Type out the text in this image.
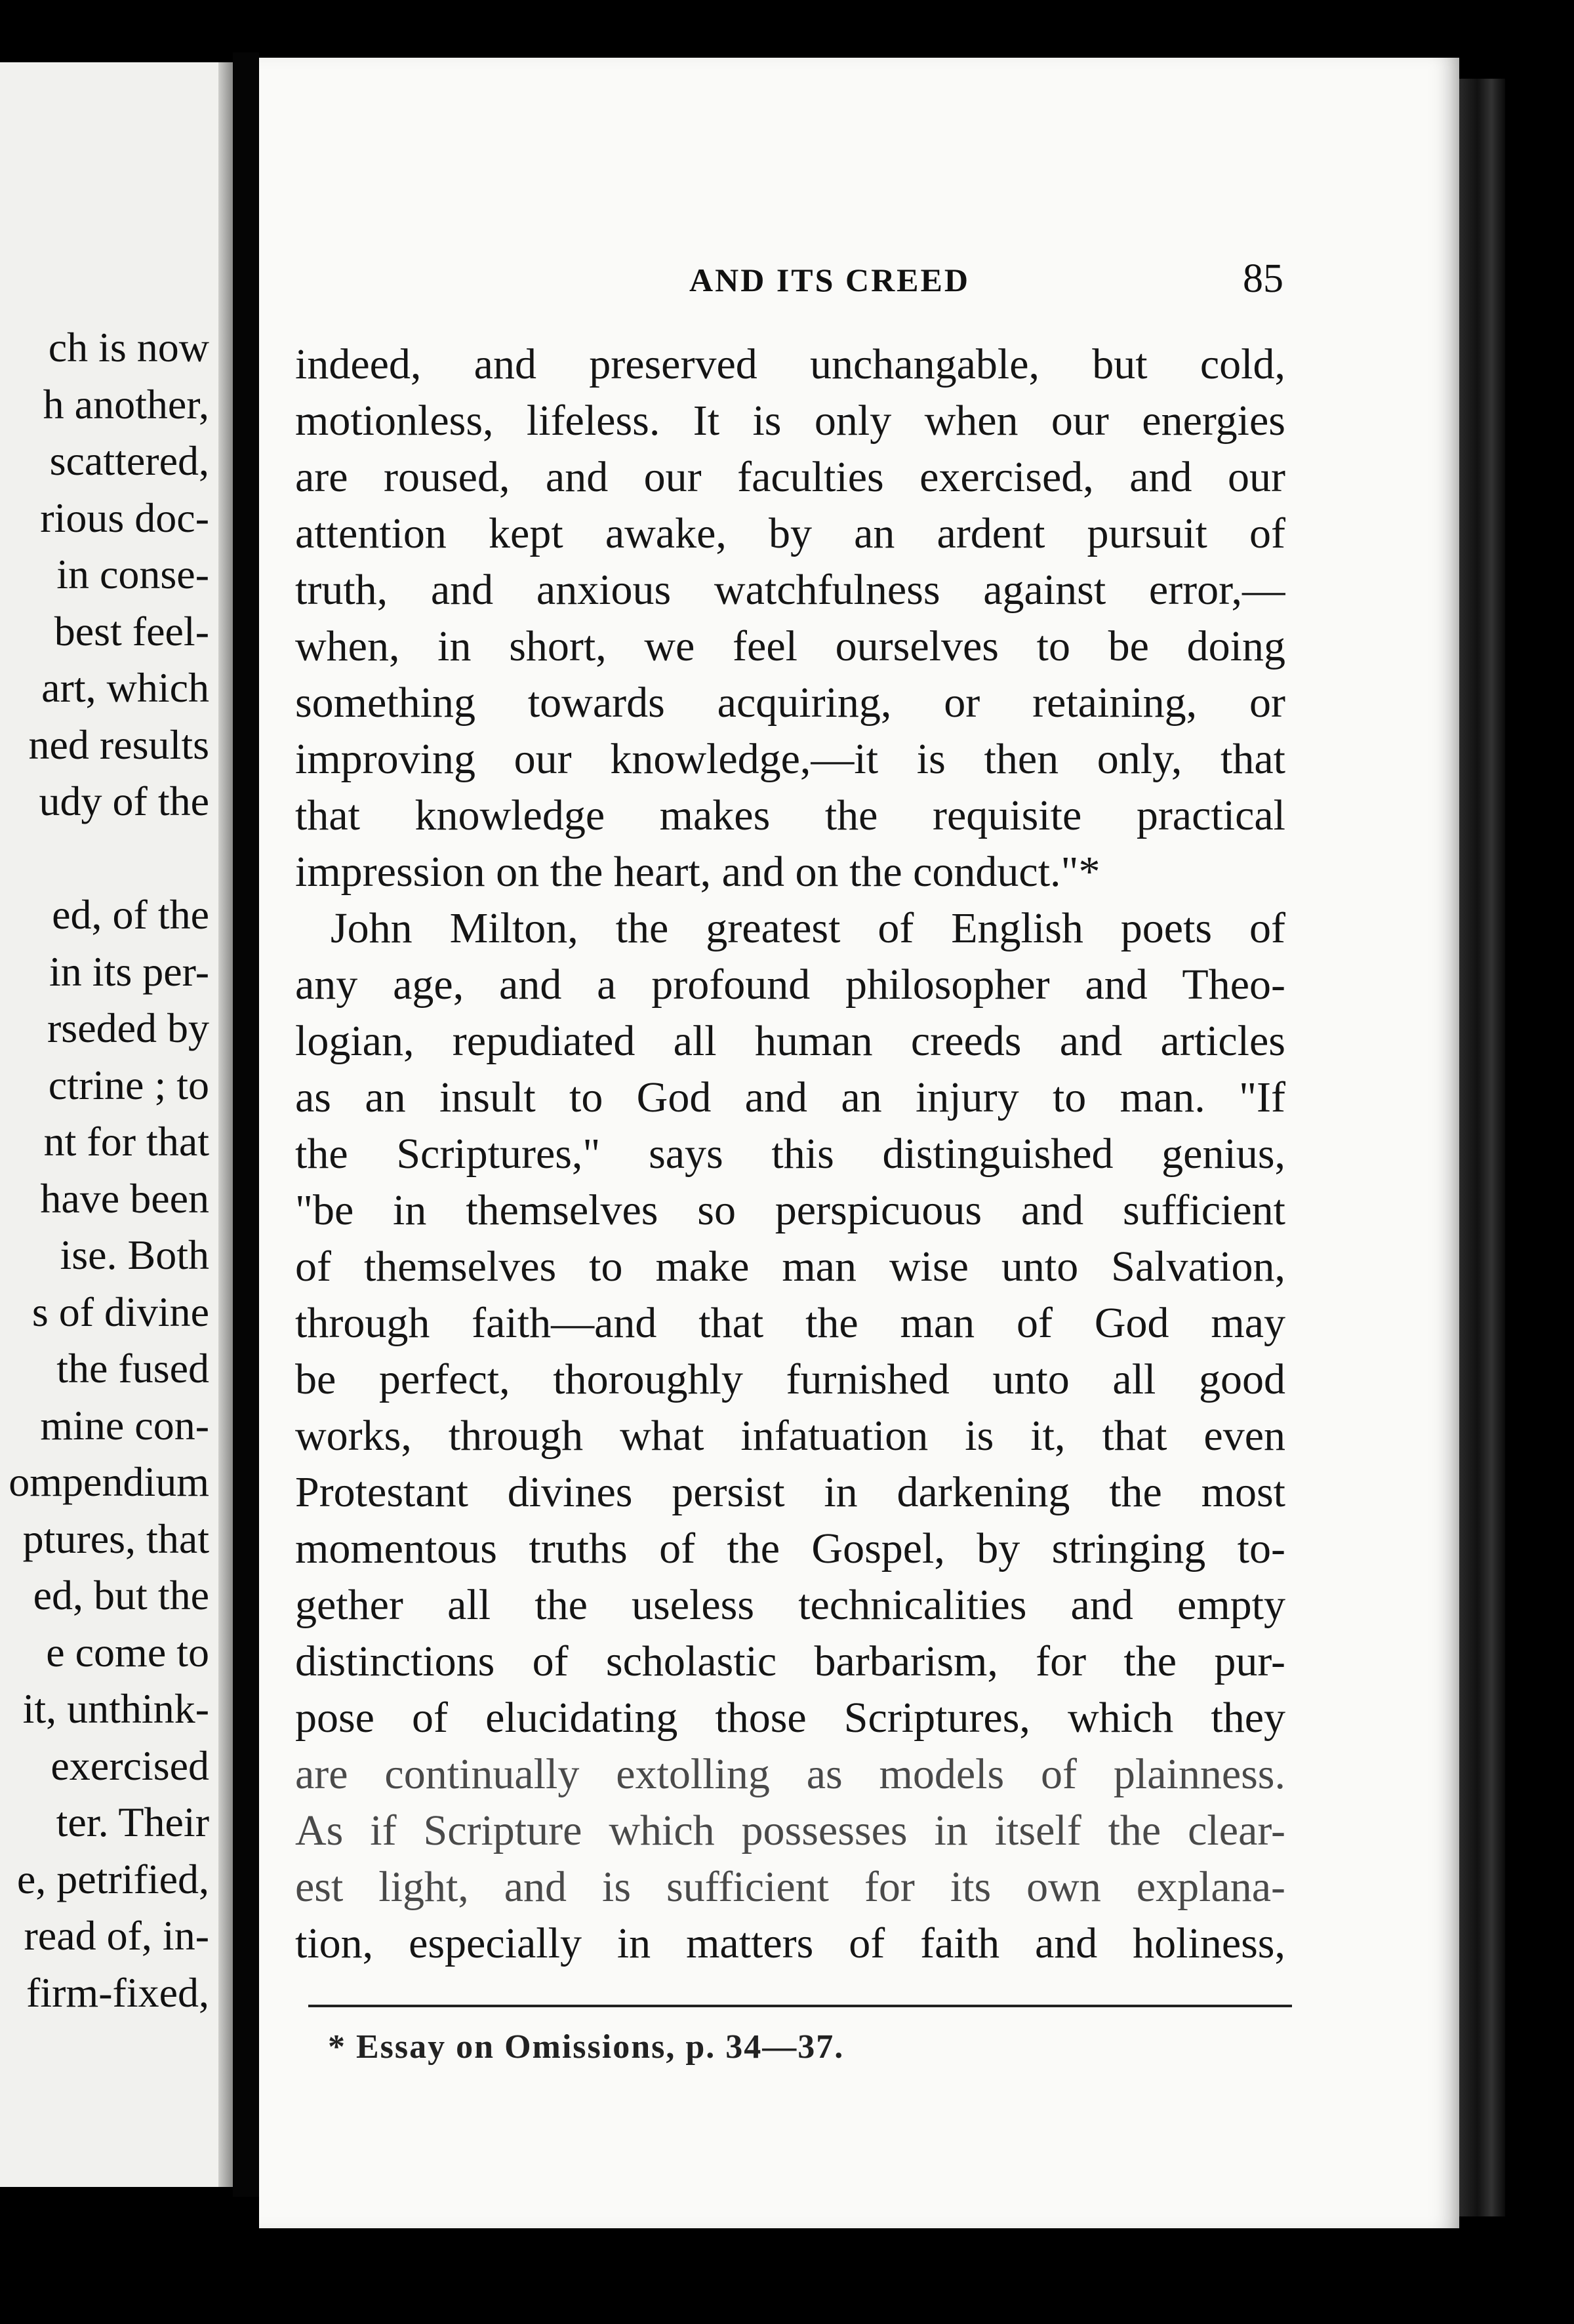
ch is now
h another,
scattered,
rious doc-
in conse-
best feel-
art, which
ned results
udy of the
ed, of the
in its per-
rseded by
ctrine ; to
nt for that
have been
ise. Both
s of divine
the fused
mine con-
ompendium
ptures, that
ed, but the
e come to
it, unthink-
exercised
ter. Their
e, petrified,
read of, in-
firm-fixed,
AND ITS CREED	85
indeed, and preserved unchangable, but cold,
motionless, lifeless. It is only when our energies
are roused, and our faculties exercised, and our
attention kept awake, by an ardent pursuit of
truth, and anxious watchfulness against error,—
when, in short, we feel ourselves to be doing
something towards acquiring, or retaining, or
improving our knowledge,—it is then only, that
that knowledge makes the requisite practical
impression on the heart, and on the conduct."*
John Milton, the greatest of English poets of
any age, and a profound philosopher and Theo-
logian, repudiated all human creeds and articles
as an insult to God and an injury to man. "If
the Scriptures," says this distinguished genius,
"be in themselves so perspicuous and sufficient
of themselves to make man wise unto Salvation,
through faith—and that the man of God may
be perfect, thoroughly furnished unto all good
works, through what infatuation is it, that even
Protestant divines persist in darkening the most
momentous truths of the Gospel, by stringing to-
gether all the useless technicalities and empty
distinctions of scholastic barbarism, for the pur-
pose of elucidating those Scriptures, which they
are continually extolling as models of plainness.
As if Scripture which possesses in itself the clear-
est light, and is sufficient for its own explana-
tion, especially in matters of faith and holiness,
* Essay on Omissions, p. 34—37.
